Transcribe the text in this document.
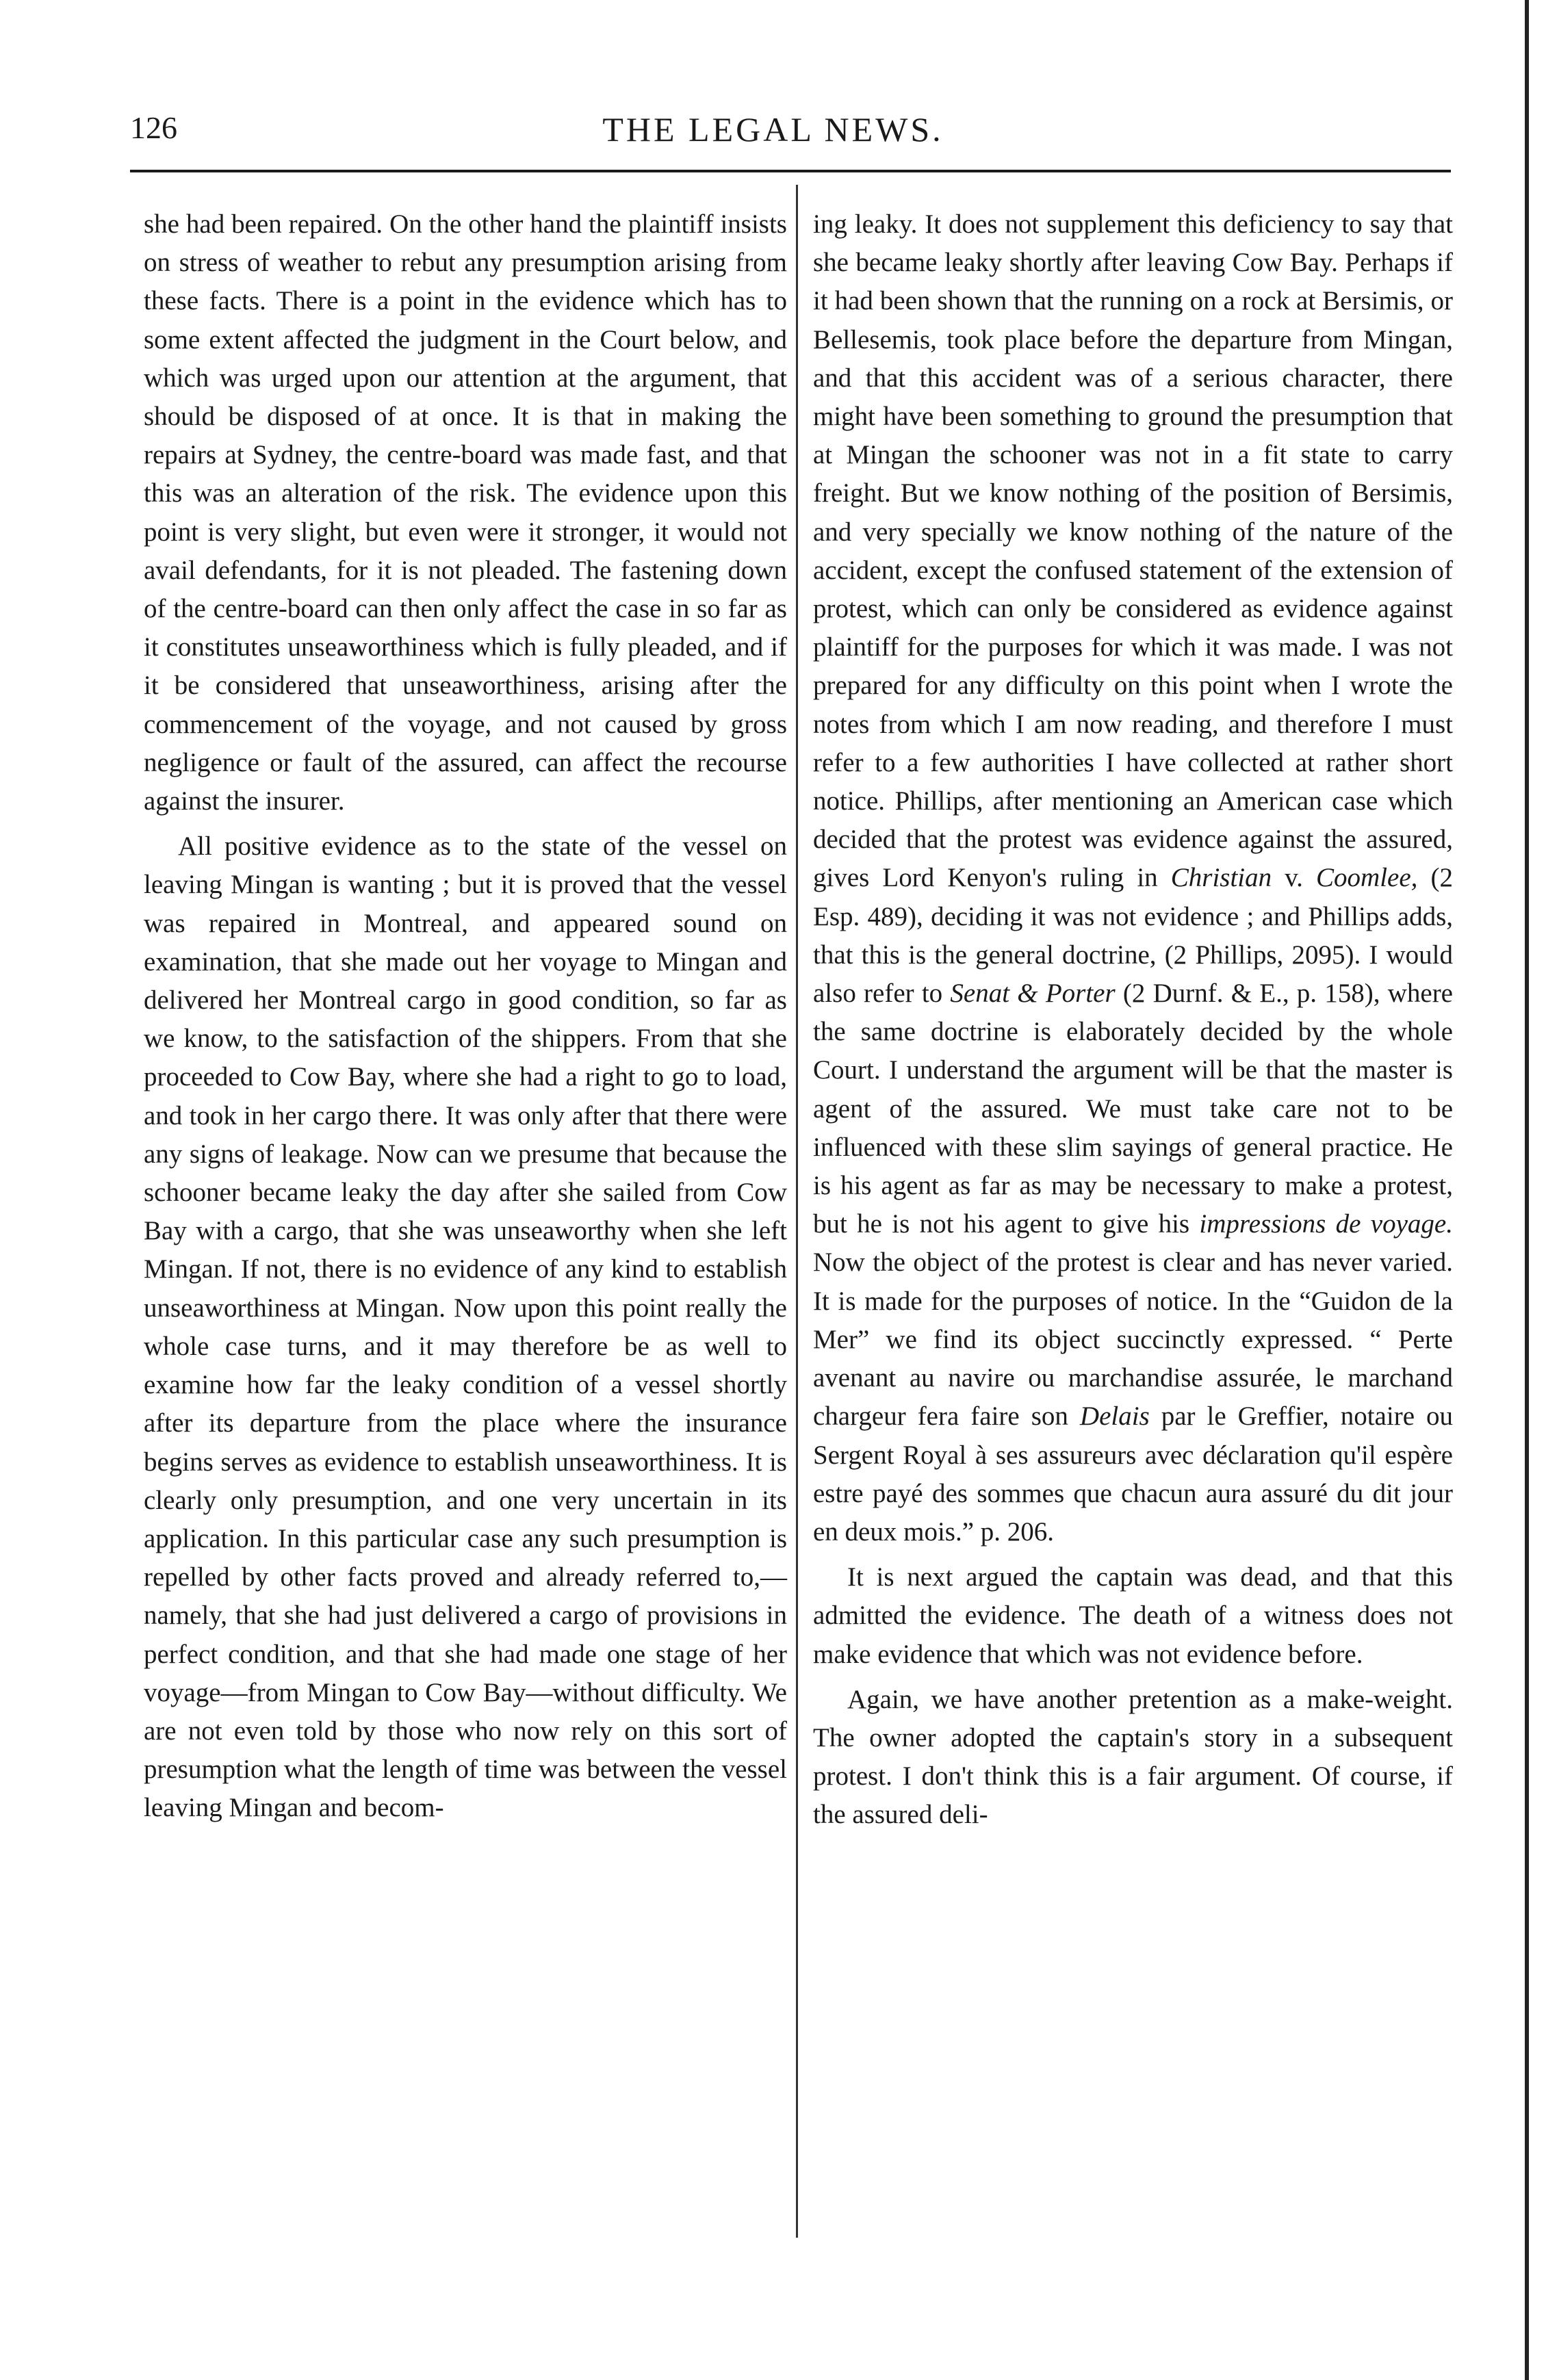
126	THE LEGAL NEWS.

she had been repaired. On the other hand the plaintiff insists on stress of weather to rebut any presumption arising from these facts. There is a point in the evidence which has to some extent affected the judgment in the Court below, and which was urged upon our attention at the argument, that should be disposed of at once. It is that in making the repairs at Sydney, the centre-board was made fast, and that this was an alteration of the risk. The evidence upon this point is very slight, but even were it stronger, it would not avail defendants, for it is not pleaded. The fastening down of the centre-board can then only affect the case in so far as it constitutes unseaworthiness which is fully pleaded, and if it be considered that unseaworthiness, arising after the commencement of the voyage, and not caused by gross negligence or fault of the assured, can affect the recourse against the insurer.

All positive evidence as to the state of the vessel on leaving Mingan is wanting ; but it is proved that the vessel was repaired in Montreal, and appeared sound on examination, that she made out her voyage to Mingan and delivered her Montreal cargo in good condition, so far as we know, to the satisfaction of the shippers. From that she proceeded to Cow Bay, where she had a right to go to load, and took in her cargo there. It was only after that there were any signs of leakage. Now can we presume that because the schooner became leaky the day after she sailed from Cow Bay with a cargo, that she was unseaworthy when she left Mingan. If not, there is no evidence of any kind to establish unseaworthiness at Mingan. Now upon this point really the whole case turns, and it may therefore be as well to examine how far the leaky condition of a vessel shortly after its departure from the place where the insurance begins serves as evidence to establish unseaworthiness. It is clearly only presumption, and one very uncertain in its application. In this particular case any such presumption is repelled by other facts proved and already referred to,—namely, that she had just delivered a cargo of provisions in perfect condition, and that she had made one stage of her voyage—from Mingan to Cow Bay—without difficulty. We are not even told by those who now rely on this sort of presumption what the length of time was between the vessel leaving Mingan and becom-

ing leaky. It does not supplement this deficiency to say that she became leaky shortly after leaving Cow Bay. Perhaps if it had been shown that the running on a rock at Bersimis, or Bellesemis, took place before the departure from Mingan, and that this accident was of a serious character, there might have been something to ground the presumption that at Mingan the schooner was not in a fit state to carry freight. But we know nothing of the position of Bersimis, and very specially we know nothing of the nature of the accident, except the confused statement of the extension of protest, which can only be considered as evidence against plaintiff for the purposes for which it was made. I was not prepared for any difficulty on this point when I wrote the notes from which I am now reading, and therefore I must refer to a few authorities I have collected at rather short notice. Phillips, after mentioning an American case which decided that the protest was evidence against the assured, gives Lord Kenyon's ruling in Christian v. Coomlee, (2 Esp. 489), deciding it was not evidence ; and Phillips adds, that this is the general doctrine, (2 Phillips, 2095). I would also refer to Senat & Porter (2 Durnf. & E., p. 158), where the same doctrine is elaborately decided by the whole Court. I understand the argument will be that the master is agent of the assured. We must take care not to be influenced with these slim sayings of general practice. He is his agent as far as may be necessary to make a protest, but he is not his agent to give his impressions de voyage. Now the object of the protest is clear and has never varied. It is made for the purposes of notice. In the “Guidon de la Mer” we find its object succinctly expressed. “ Perte avenant au navire ou marchandise assurée, le marchand chargeur fera faire son Delais par le Greffier, notaire ou Sergent Royal à ses assureurs avec déclaration qu'il espère estre payé des sommes que chacun aura assuré du dit jour en deux mois.” p. 206.

It is next argued the captain was dead, and that this admitted the evidence. The death of a witness does not make evidence that which was not evidence before.

Again, we have another pretention as a make-weight. The owner adopted the captain's story in a subsequent protest. I don't think this is a fair argument. Of course, if the assured deli-
